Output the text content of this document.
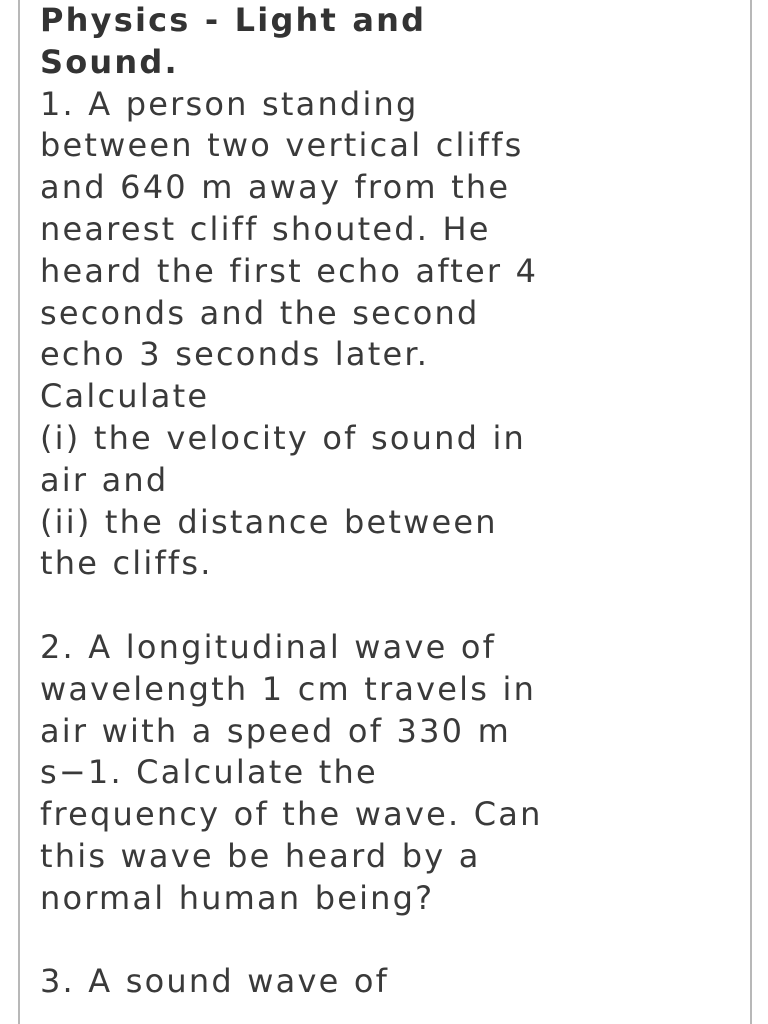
Physics - Light and
Sound.
1. A person standing
between two vertical cliffs
and 640 m away from the
nearest cliff shouted. He
heard the first echo after 4
seconds and the second
echo 3 seconds later.
Calculate
(i) the velocity of sound in
air and
(ii) the distance between
the cliffs.
2. A longitudinal wave of
wavelength 1 cm travels in
air with a speed of 330 m
s−1. Calculate the
frequency of the wave. Can
this wave be heard by a
normal human being?
3. A sound wave of
